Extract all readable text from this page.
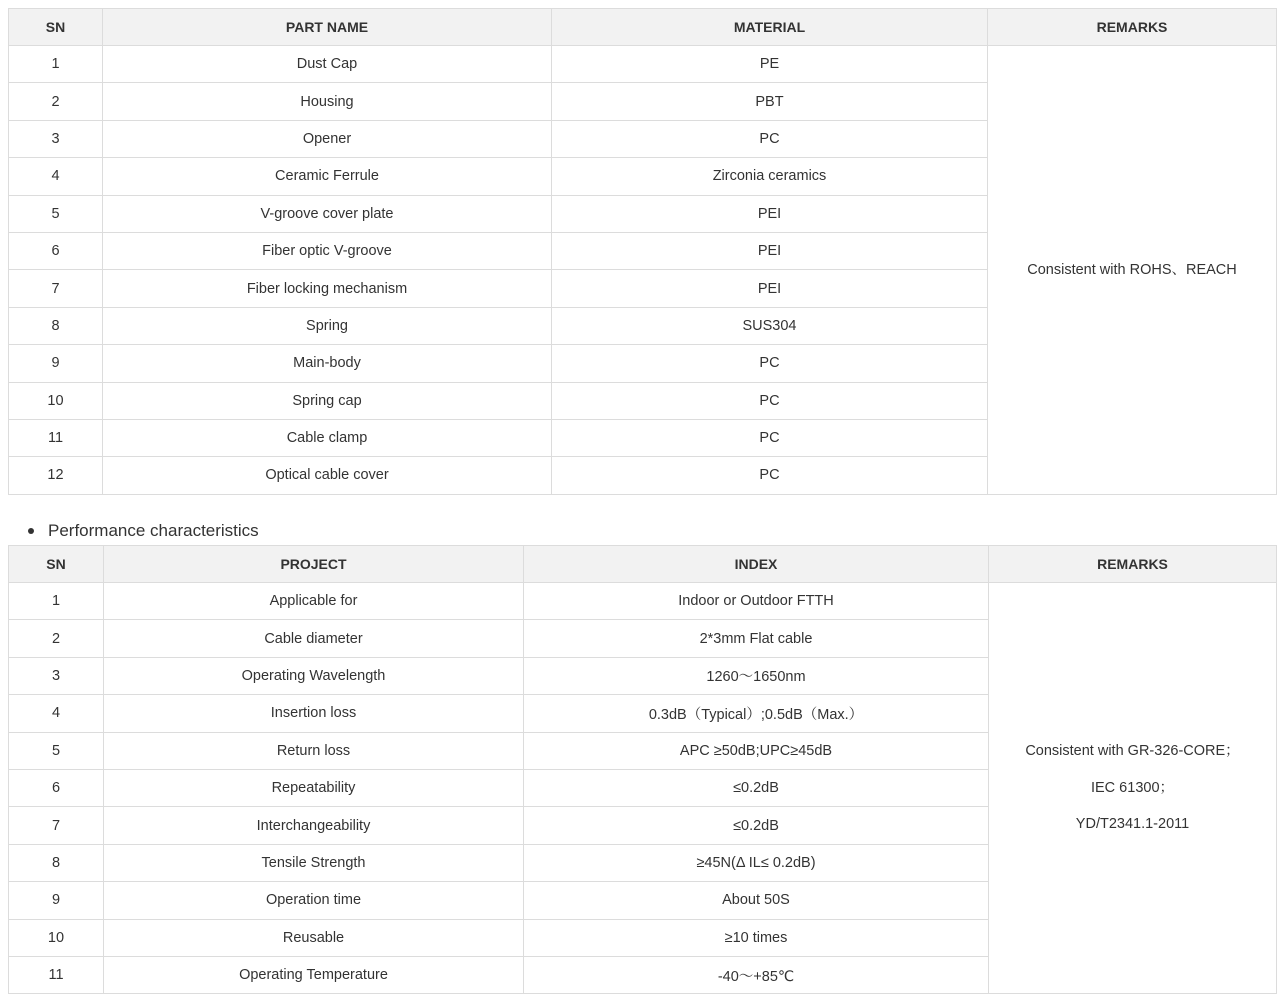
SN	PART NAME	MATERIAL	REMARKS
1	Dust Cap	PE	Consistent with ROHS、REACH

2	Housing	PBT	
3	Opener	PC	
4	Ceramic Ferrule	Zirconia ceramics	
5	V-groove cover plate	PEI	
6	Fiber optic V-groove	PEI	
7	Fiber locking mechanism	PEI	
8	Spring	SUS304	
9	Main-body	PC	
10	Spring cap	PC	
11	Cable clamp	PC	
12	Optical cable cover	PC	
Performance characteristics
SN	PROJECT	INDEX	REMARKS
1	Applicable for	Indoor or Outdoor FTTH	Consistent with GR-326-CORE；

IEC 61300；

YD/T2341.1-2011

2	Cable diameter	2*3mm Flat cable	
3	Operating Wavelength	1260～1650nm	
4	Insertion loss	0.3dB（Typical）;0.5dB（Max.）	
5	Return loss	APC ≥50dB;UPC≥45dB	
6	Repeatability	≤0.2dB	
7	Interchangeability	≤0.2dB	
8	Tensile Strength	≥45N(Δ IL≤ 0.2dB)	
9	Operation time	About 50S	
10	Reusable	≥10 times	
11	Operating Temperature	-40～+85℃	
